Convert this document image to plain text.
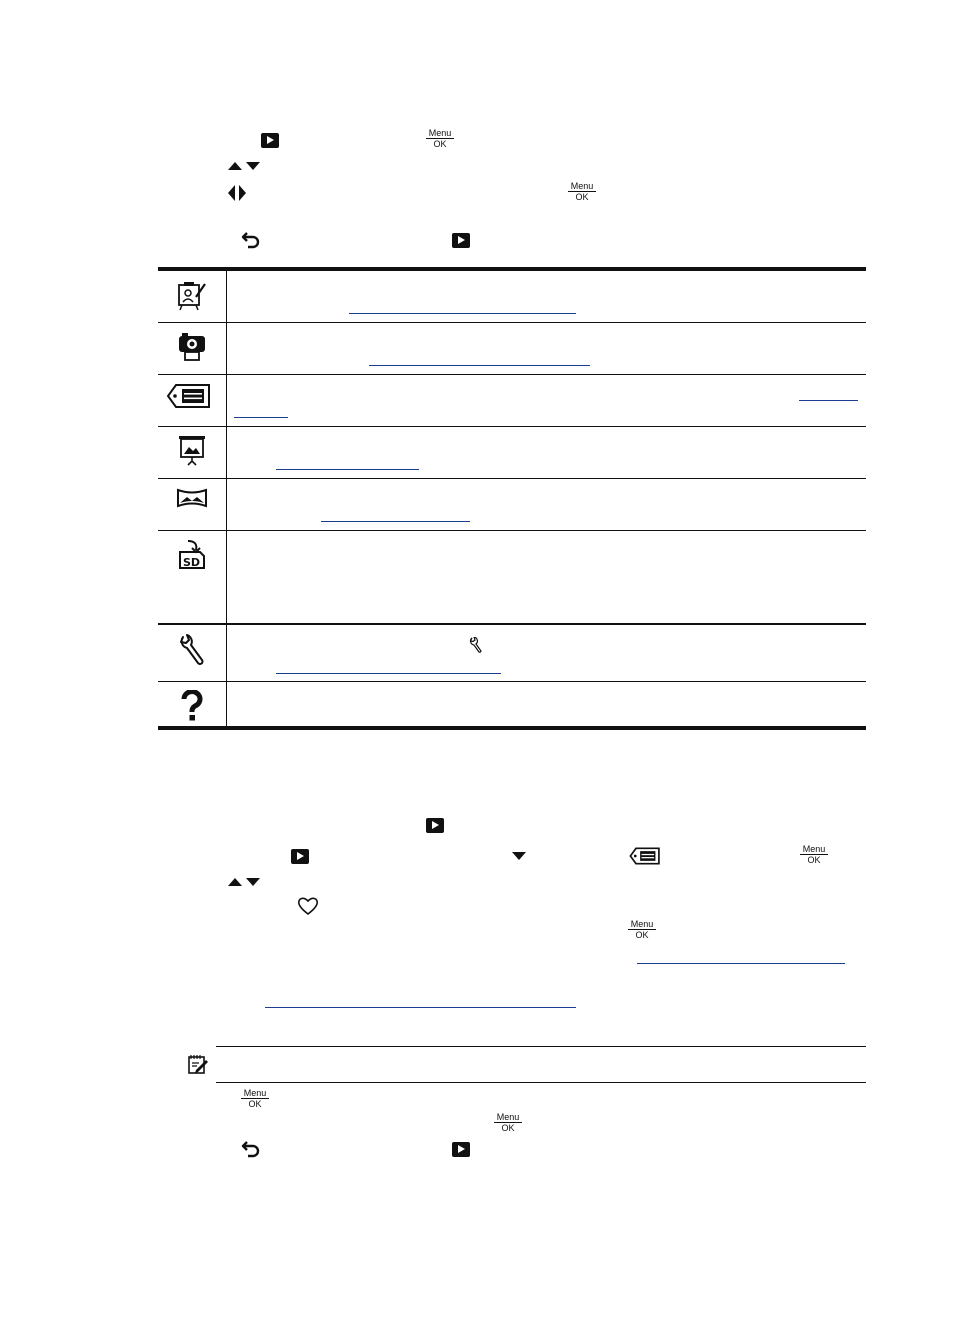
Menu
OK
Menu
OK
SD
Menu
OK
Menu
OK
Menu
OK
Menu
OK
